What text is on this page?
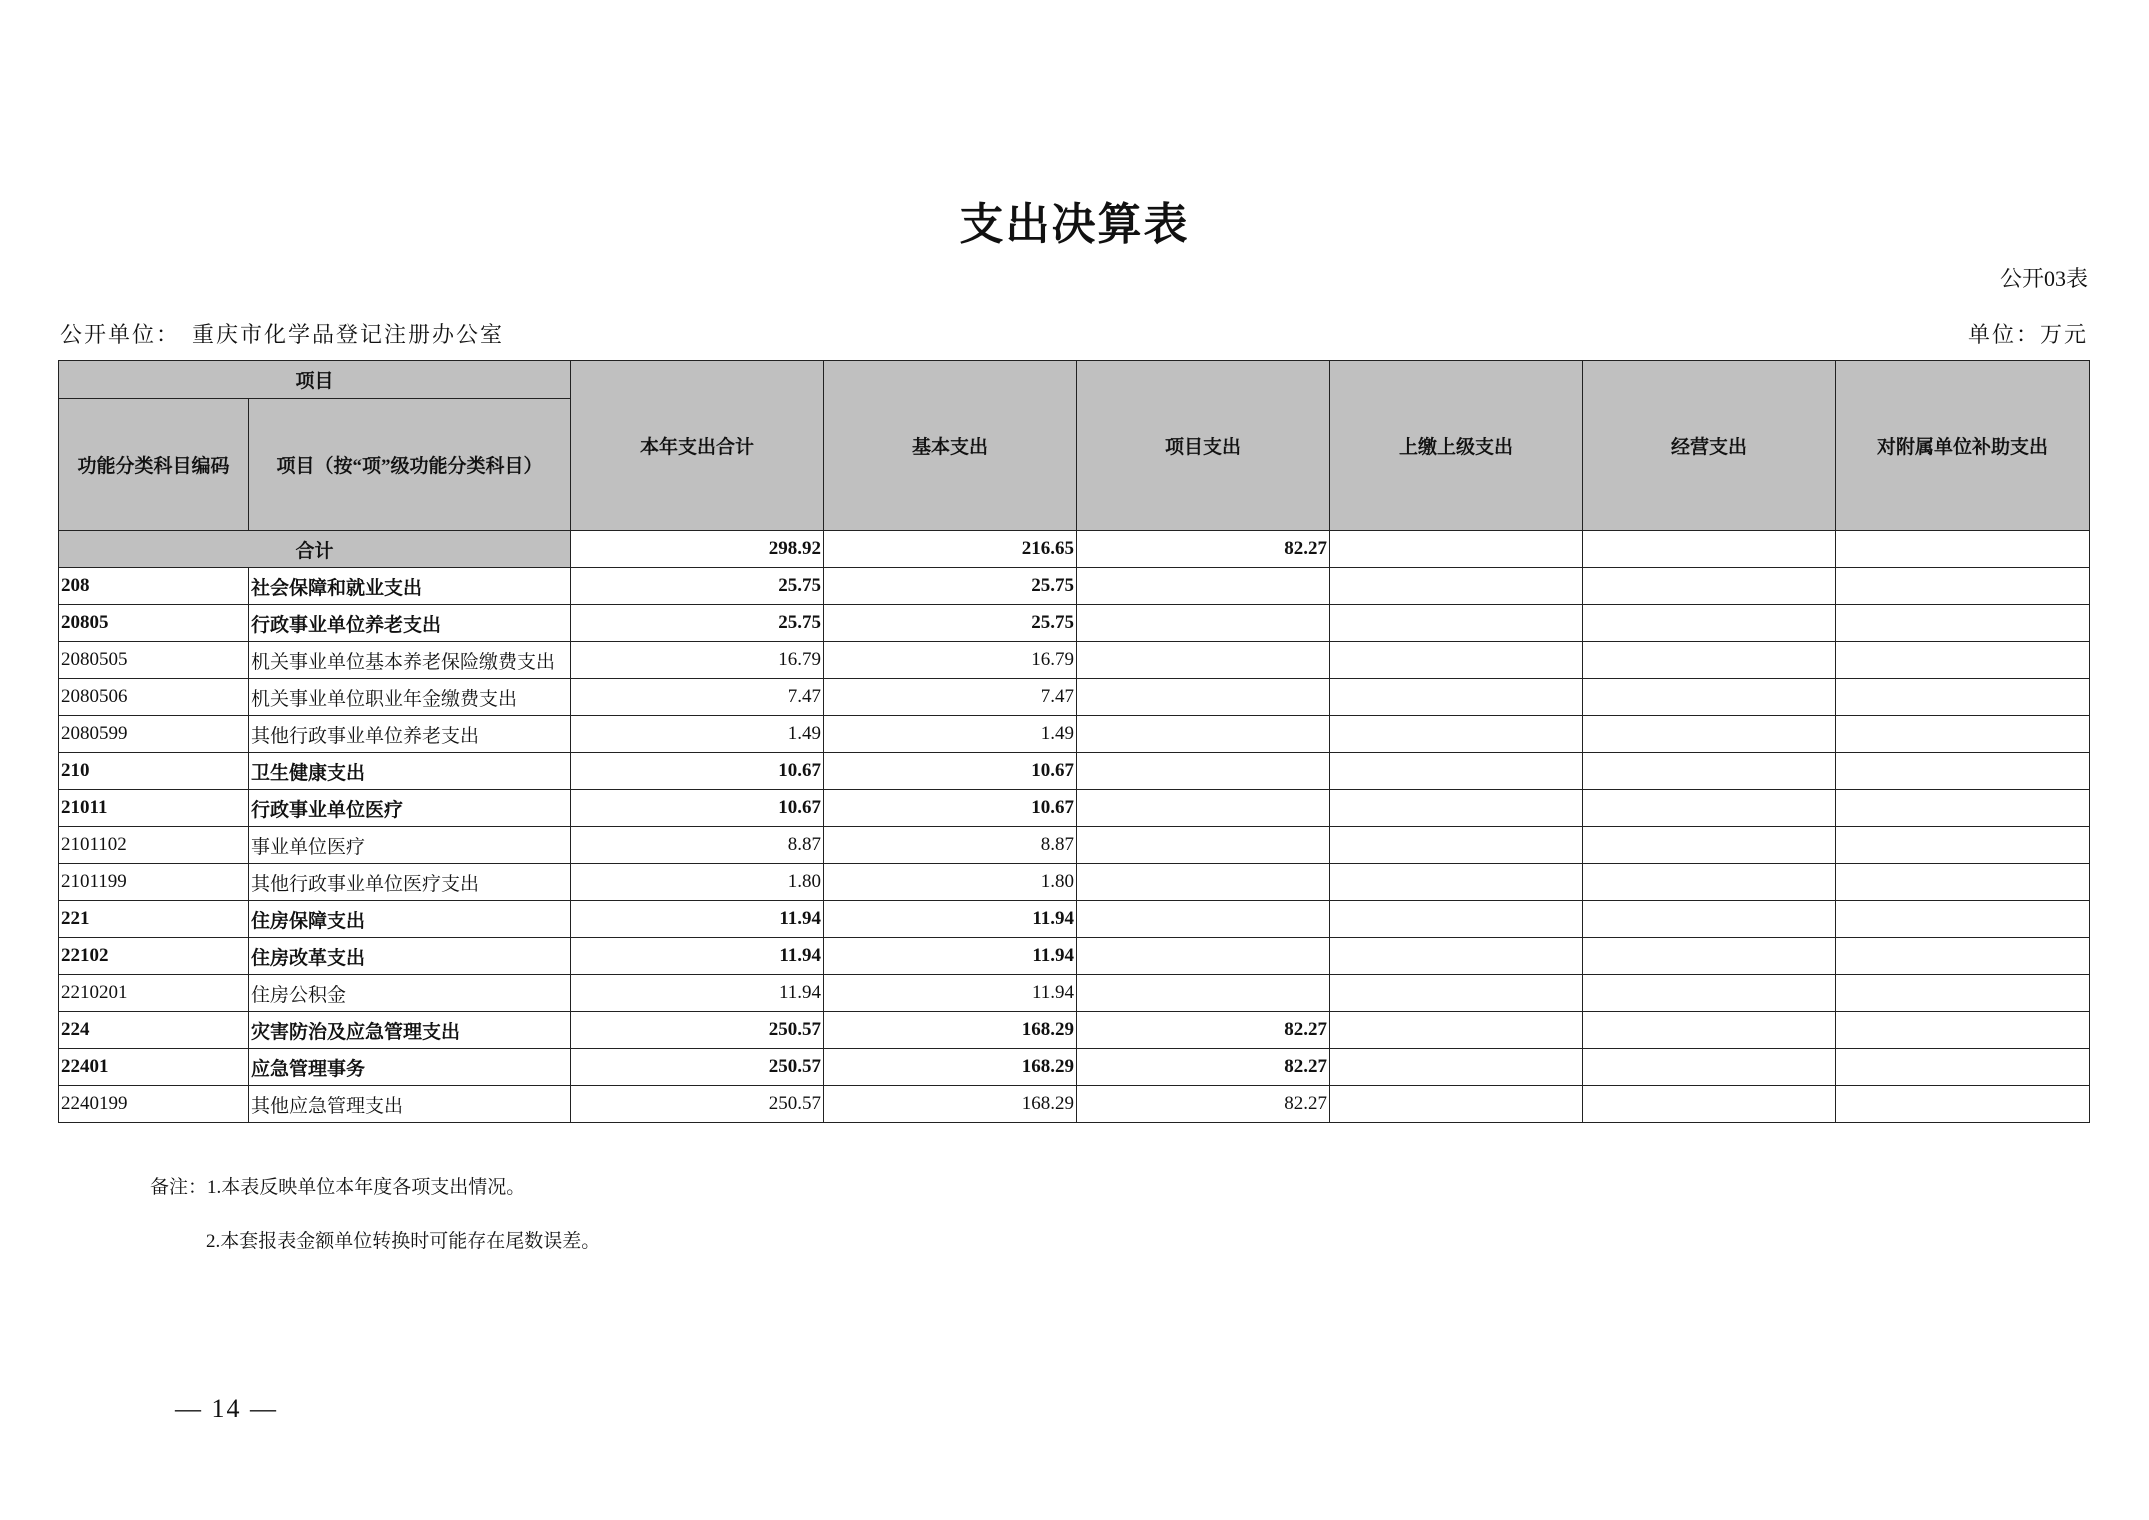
支出决算表
公开03表
公开单位： 重庆市化学品登记注册办公室	单位：万元
项目		本年支出合计	基本支出	项目支出	上缴上级支出	经营支出	对附属单位补助支出
功能分类科目编码	项目（按“项”级功能分类科目）						
合计		298.92	216.65	82.27			
208	社会保障和就业支出	25.75	25.75				
20805	行政事业单位养老支出	25.75	25.75				
2080505	机关事业单位基本养老保险缴费支出	16.79	16.79				
2080506	机关事业单位职业年金缴费支出	7.47	7.47				
2080599	其他行政事业单位养老支出	1.49	1.49				
210	卫生健康支出	10.67	10.67				
21011	行政事业单位医疗	10.67	10.67				
2101102	事业单位医疗	8.87	8.87				
2101199	其他行政事业单位医疗支出	1.80	1.80				
221	住房保障支出	11.94	11.94				
22102	住房改革支出	11.94	11.94				
2210201	住房公积金	11.94	11.94				
224	灾害防治及应急管理支出	250.57	168.29	82.27			
22401	应急管理事务	250.57	168.29	82.27			
2240199	其他应急管理支出	250.57	168.29	82.27			
备注：1.本表反映单位本年度各项支出情况。
2.本套报表金额单位转换时可能存在尾数误差。
— 14 —
